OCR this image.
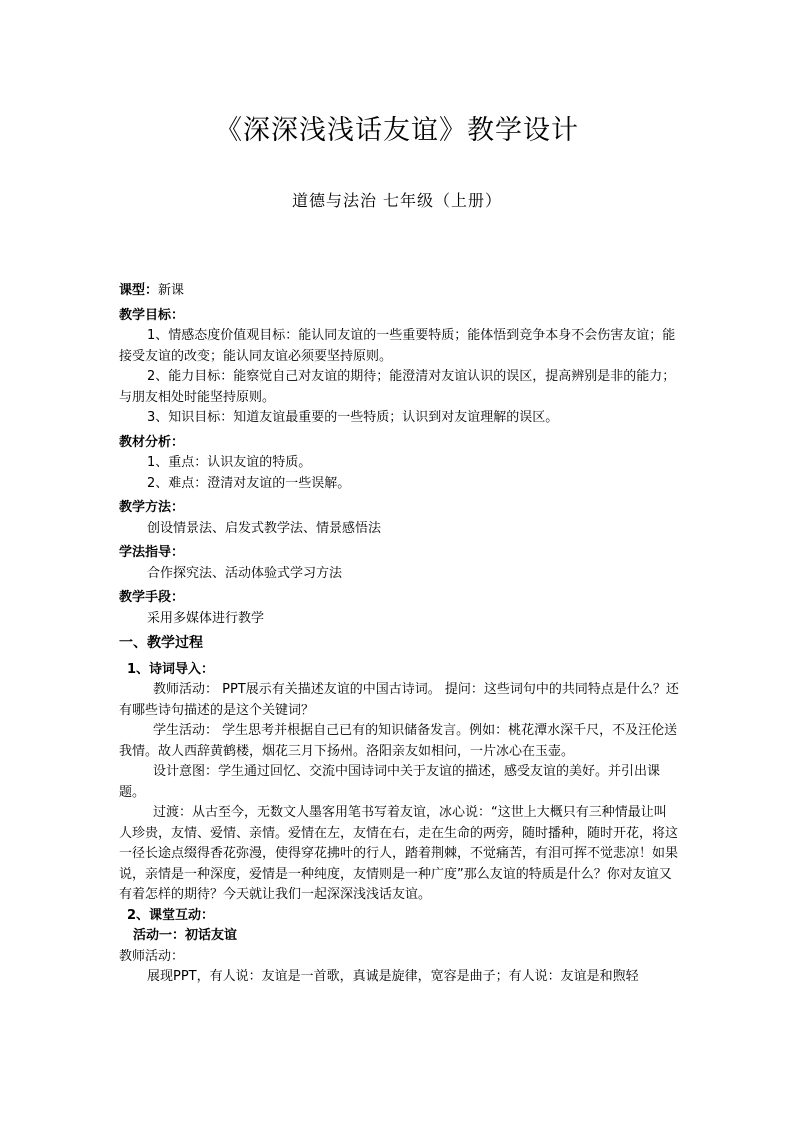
《深深浅浅话友谊》教学设计
道德与法治 七年级（上册）

课型：新课

教学目标：

1、情感态度价值观目标：能认同友谊的一些重要特质；能体悟到竞争本身不会伤害友谊；能接受友谊的改变；能认同友谊必须要坚持原则。

2、能力目标：能察觉自己对友谊的期待；能澄清对友谊认识的误区，提高辨别是非的能力；与朋友相处时能坚持原则。

3、知识目标：知道友谊最重要的一些特质；认识到对友谊理解的误区。

教材分析：

1、重点：认识友谊的特质。

2、难点：澄清对友谊的一些误解。

教学方法：

创设情景法、启发式教学法、情景感悟法

学法指导：

合作探究法、活动体验式学习方法

教学手段：

采用多媒体进行教学

一、教学过程

1、诗词导入：

教师活动： PPT展示有关描述友谊的中国古诗词。 提问：这些词句中的共同特点是什么？还有哪些诗句描述的是这个关键词？

学生活动： 学生思考并根据自己已有的知识储备发言。例如：桃花潭水深千尺，不及汪伦送我情。故人西辞黄鹤楼，烟花三月下扬州。洛阳亲友如相问，一片冰心在玉壶。

设计意图：学生通过回忆、交流中国诗词中关于友谊的描述，感受友谊的美好。并引出课题。

过渡：从古至今，无数文人墨客用笔书写着友谊，冰心说：“这世上大概只有三种情最让叫人珍贵，友情、爱情、亲情。爱情在左，友情在右，走在生命的两旁，随时播种，随时开花，将这一径长途点缀得香花弥漫，使得穿花拂叶的行人，踏着荆棘，不觉痛苦，有泪可挥不觉悲凉！如果说，亲情是一种深度，爱情是一种纯度，友情则是一种广度”那么友谊的特质是什么？你对友谊又有着怎样的期待？今天就让我们一起深深浅浅话友谊。

2、课堂互动：

活动一：初话友谊

教师活动：

展现PPT，有人说：友谊是一首歌，真诚是旋律，宽容是曲子；有人说：友谊是和煦轻
